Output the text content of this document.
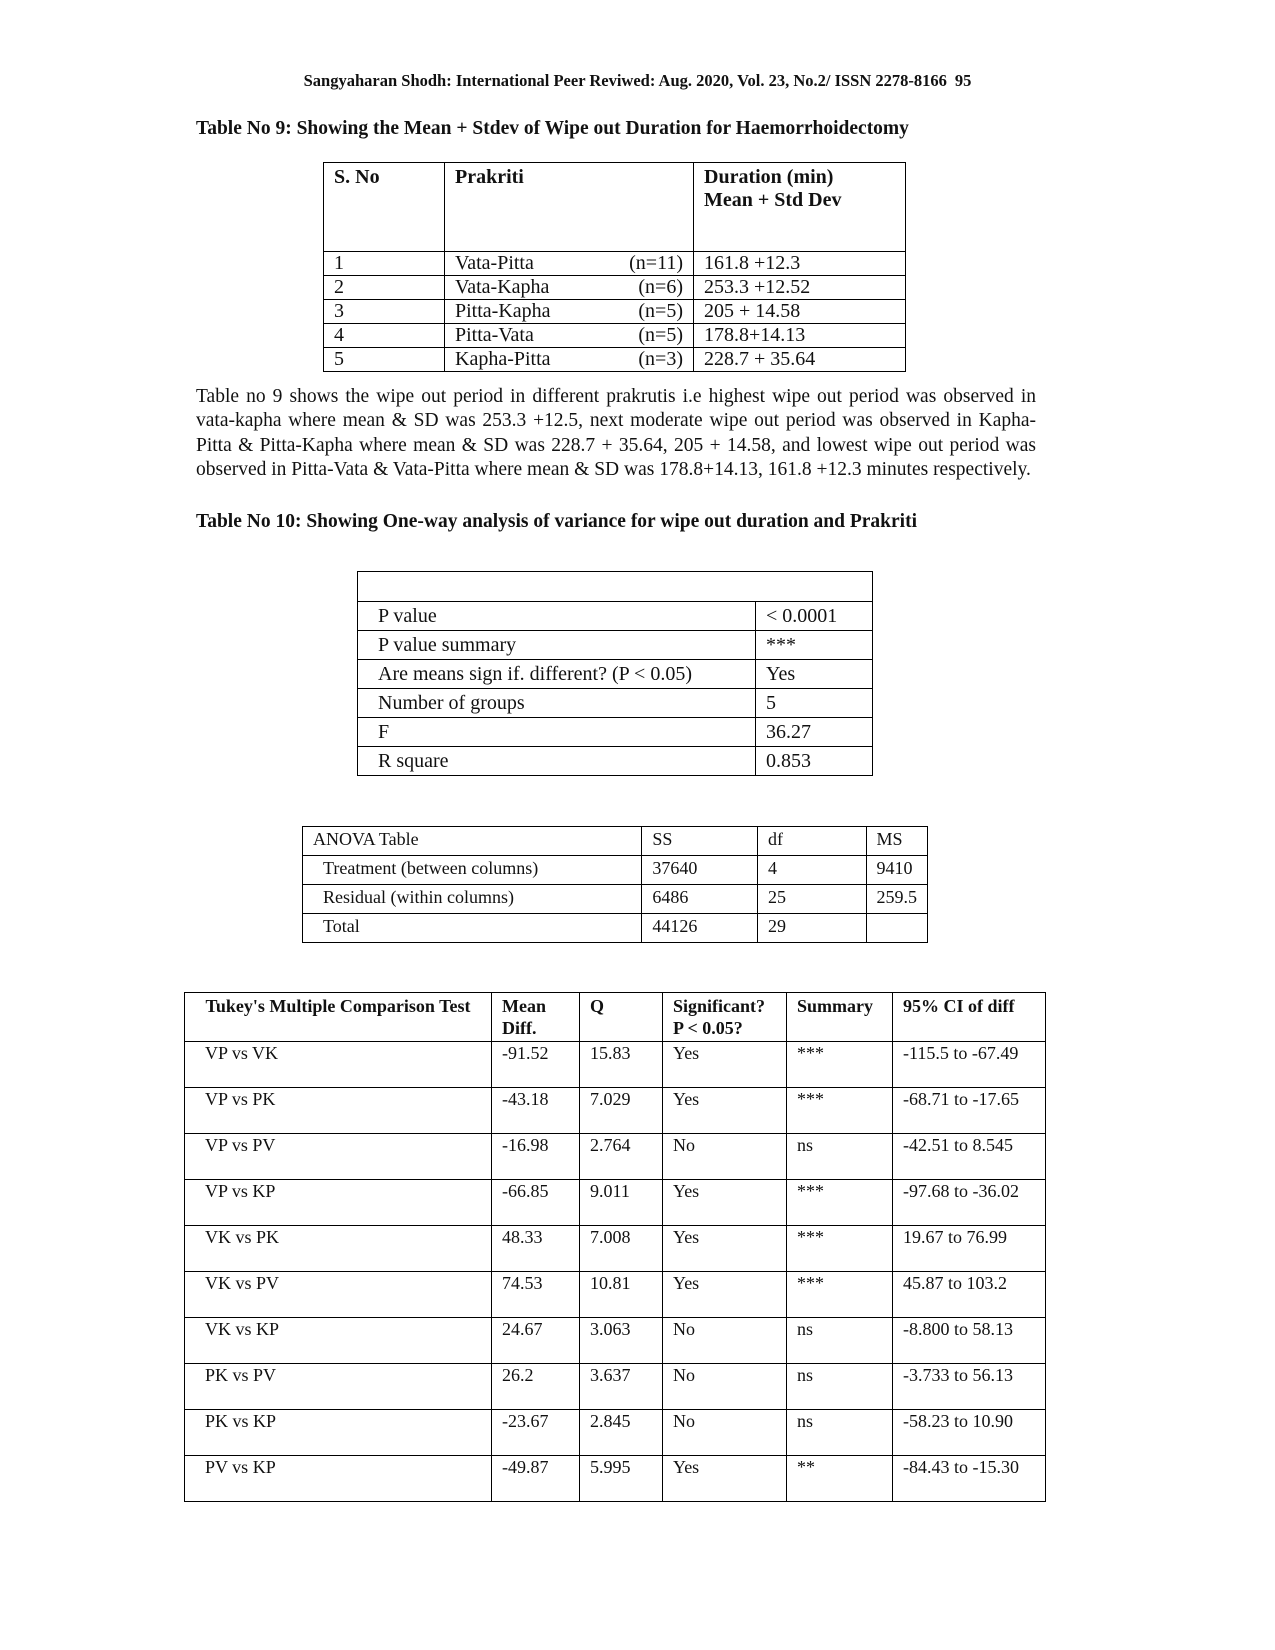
Sangyaharan Shodh: International Peer Reviwed: Aug. 2020, Vol. 23, No.2/ ISSN 2278-8166 95
Table No 9: Showing the Mean + Stdev of Wipe out Duration for Haemorrhoidectomy
S. No	Prakriti	Duration (min)
Mean + Std Dev

1	Vata-Pitta (n=11)	161.8 +12.3
2	Vata-Kapha (n=6)	253.3 +12.52
3	Pitta-Kapha (n=5)	205 + 14.58
4	Pitta-Vata (n=5)	178.8+14.13
5	Kapha-Pitta (n=3)	228.7 + 35.64
Table no 9 shows the wipe out period in different prakrutis i.e highest wipe out period was observed in vata-kapha where mean & SD was 253.3 +12.5, next moderate wipe out period was observed in Kapha-Pitta & Pitta-Kapha where mean & SD was 228.7 + 35.64, 205 + 14.58, and lowest wipe out period was observed in Pitta-Vata & Vata-Pitta where mean & SD was 178.8+14.13, 161.8 +12.3 minutes respectively.
Table No 10: Showing One-way analysis of variance for wipe out duration and Prakriti

P value	< 0.0001
P value summary	***
Are means sign if. different? (P < 0.05)	Yes
Number of groups	5
F	36.27
R square	0.853
ANOVA Table	SS	df	MS
Treatment (between columns)	37640	4	9410
Residual (within columns)	6486	25	259.5
Total	44126	29	
Tukey's Multiple Comparison Test	Mean Diff.	Q	Significant? P < 0.05?	Summary	95% CI of diff
VP vs VK	-91.52	15.83	Yes	***	-115.5 to -67.49
VP vs PK	-43.18	7.029	Yes	***	-68.71 to -17.65
VP vs PV	-16.98	2.764	No	ns	-42.51 to 8.545
VP vs KP	-66.85	9.011	Yes	***	-97.68 to -36.02
VK vs PK	48.33	7.008	Yes	***	19.67 to 76.99
VK vs PV	74.53	10.81	Yes	***	45.87 to 103.2
VK vs KP	24.67	3.063	No	ns	-8.800 to 58.13
PK vs PV	26.2	3.637	No	ns	-3.733 to 56.13
PK vs KP	-23.67	2.845	No	ns	-58.23 to 10.90
PV vs KP	-49.87	5.995	Yes	**	-84.43 to -15.30
